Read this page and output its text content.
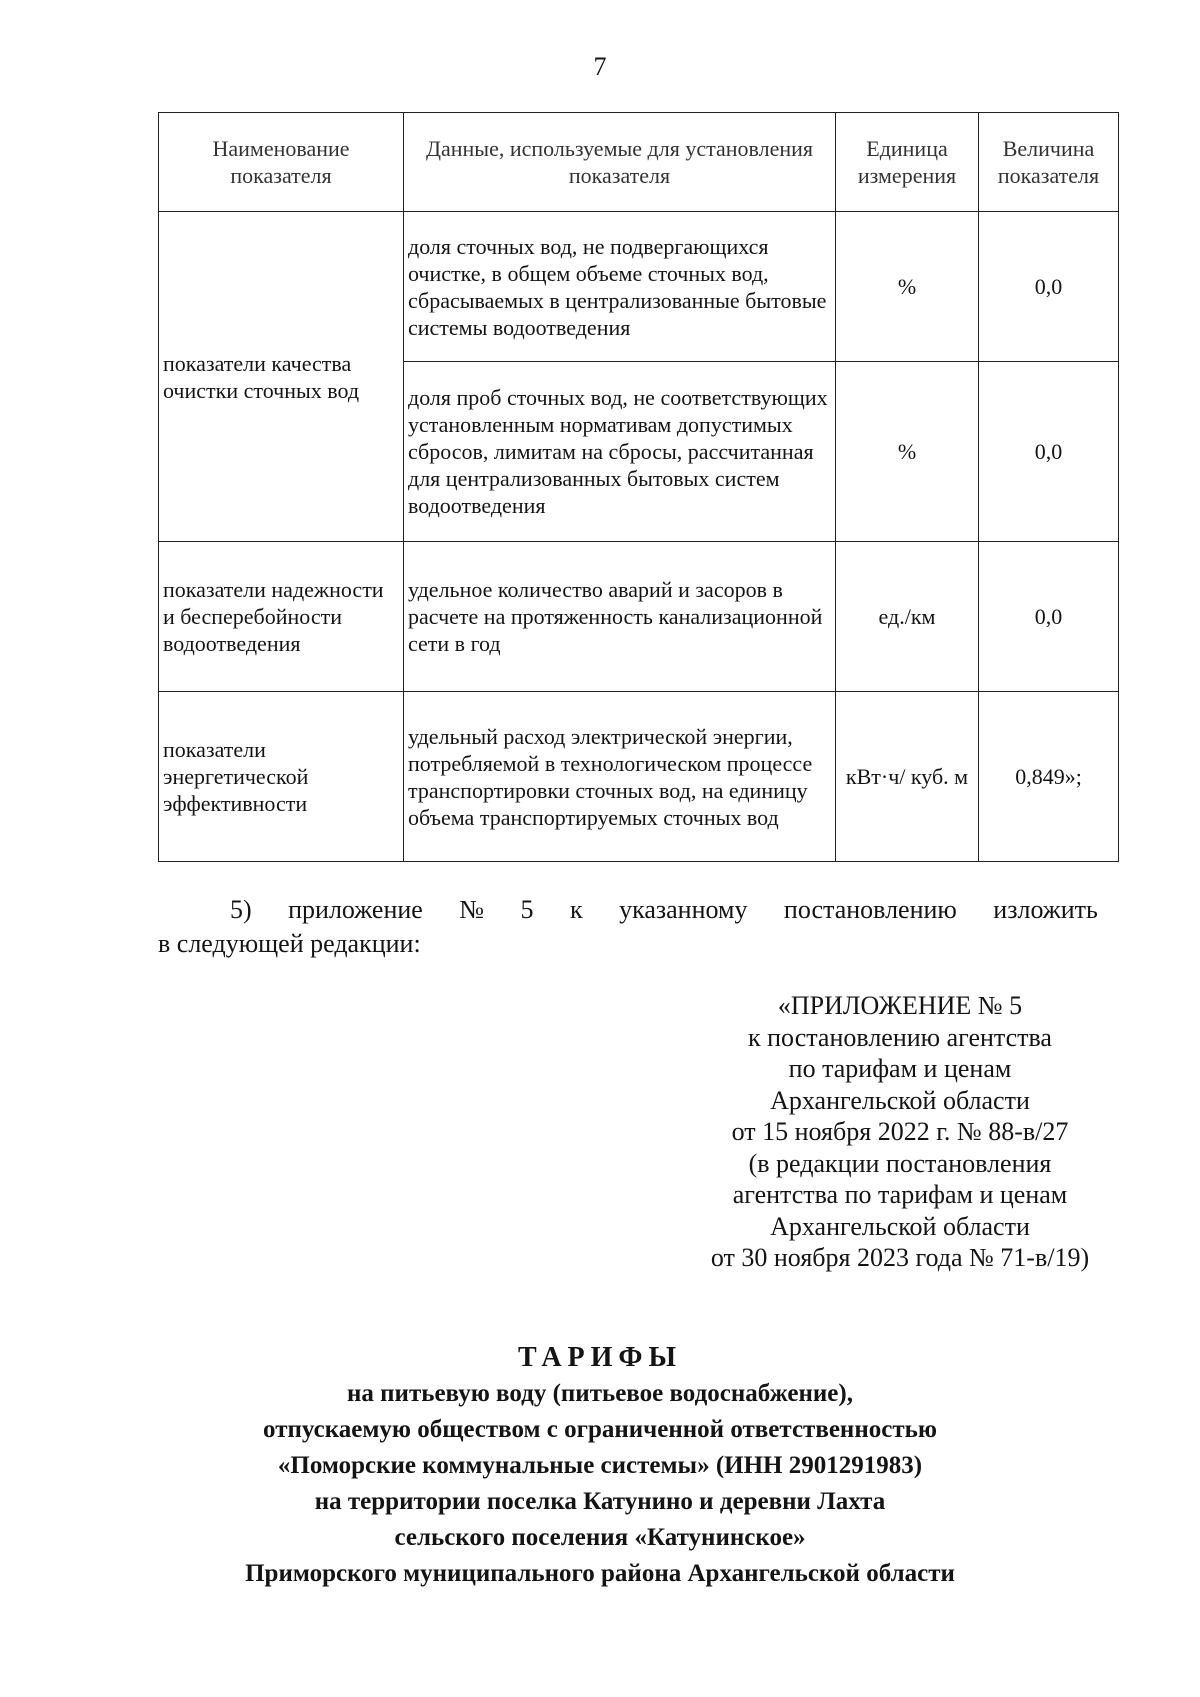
7
Наименование показателя	Данные, используемые для установления показателя	Единица измерения	Величина показателя
показатели качества очистки сточных вод	доля сточных вод, не подвергающихся очистке, в общем объеме сточных вод, сбрасываемых в централизованные бытовые системы водоотведения	%	0,0
	доля проб сточных вод, не соответствующих установленным нормативам допустимых сбросов, лимитам на сбросы, рассчитанная для централизованных бытовых систем водоотведения	%	0,0
показатели надежности и бесперебойности водоотведения	удельное количество аварий и засоров в расчете на протяженность канализационной сети в год	ед./км	0,0
показатели энергетической эффективности	удельный расход электрической энергии, потребляемой в технологическом процессе транспортировки сточных вод, на единицу объема транспортируемых сточных вод	кВт·ч/ куб. м	0,849»;
5) приложение № 5 к указанному постановлению изложить
в следующей редакции:
«ПРИЛОЖЕНИЕ № 5
к постановлению агентства
по тарифам и ценам
Архангельской области
от 15 ноября 2022 г. № 88-в/27
(в редакции постановления
агентства по тарифам и ценам
Архангельской области
от 30 ноября 2023 года № 71-в/19)
ТАРИФЫ
на питьевую воду (питьевое водоснабжение),
отпускаемую обществом с ограниченной ответственностью
«Поморские коммунальные системы» (ИНН 2901291983)
на территории поселка Катунино и деревни Лахта
сельского поселения «Катунинское»
Приморского муниципального района Архангельской области
